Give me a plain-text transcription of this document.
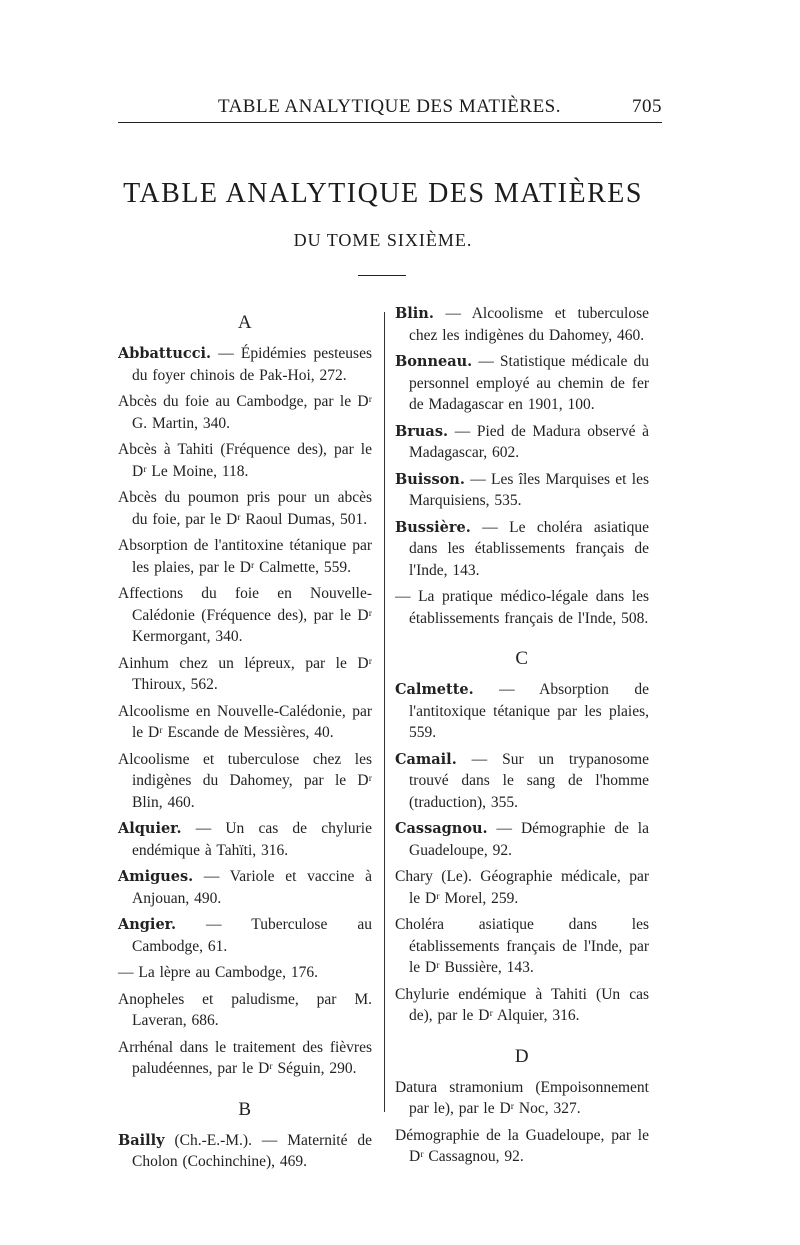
TABLE ANALYTIQUE DES MATIÈRES.	705
TABLE ANALYTIQUE DES MATIÈRES
DU TOME SIXIÈME.
A
Abbattucci. — Épidémies pesteuses du foyer chinois de Pak-Hoi, 272.
Abcès du foie au Cambodge, par le Dʳ G. Martin, 340.
Abcès à Tahiti (Fréquence des), par le Dʳ Le Moine, 118.
Abcès du poumon pris pour un abcès du foie, par le Dʳ Raoul Dumas, 501.
Absorption de l'antitoxine tétanique par les plaies, par le Dʳ Calmette, 559.
Affections du foie en Nouvelle-Calédonie (Fréquence des), par le Dʳ Kermorgant, 340.
Ainhum chez un lépreux, par le Dʳ Thiroux, 562.
Alcoolisme en Nouvelle-Calédonie, par le Dʳ Escande de Messières, 40.
Alcoolisme et tuberculose chez les indigènes du Dahomey, par le Dʳ Blin, 460.
Alquier. — Un cas de chylurie endémique à Tahïti, 316.
Amigues. — Variole et vaccine à Anjouan, 490.
Angier. — Tuberculose au Cambodge, 61.
— La lèpre au Cambodge, 176.
Anopheles et paludisme, par M. Laveran, 686.
Arrhénal dans le traitement des fièvres paludéennes, par le Dʳ Séguin, 290.
B
Bailly (Ch.-E.-M.). — Maternité de Cholon (Cochinchine), 469.
Blin. — Alcoolisme et tuberculose chez les indigènes du Dahomey, 460.
Bonneau. — Statistique médicale du personnel employé au chemin de fer de Madagascar en 1901, 100.
Bruas. — Pied de Madura observé à Madagascar, 602.
Buisson. — Les îles Marquises et les Marquisiens, 535.
Bussière. — Le choléra asiatique dans les établissements français de l'Inde, 143.
— La pratique médico-légale dans les établissements français de l'Inde, 508.
C
Calmette. — Absorption de l'antitoxique tétanique par les plaies, 559.
Camail. — Sur un trypanosome trouvé dans le sang de l'homme (traduction), 355.
Cassagnou. — Démographie de la Guadeloupe, 92.
Chary (Le). Géographie médicale, par le Dʳ Morel, 259.
Choléra asiatique dans les établissements français de l'Inde, par le Dʳ Bussière, 143.
Chylurie endémique à Tahiti (Un cas de), par le Dʳ Alquier, 316.
D
Datura stramonium (Empoisonnement par le), par le Dʳ Noc, 327.
Démographie de la Guadeloupe, par le Dʳ Cassagnou, 92.
